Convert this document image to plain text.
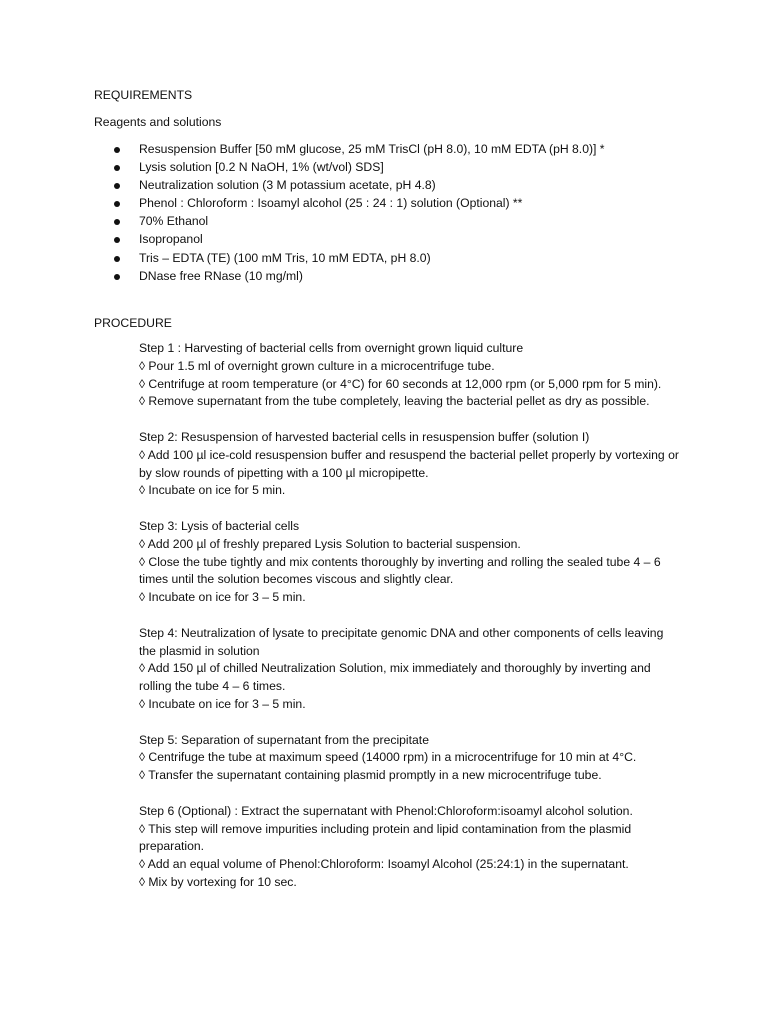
REQUIREMENTS
Reagents and solutions
Resuspension Buffer [50 mM glucose, 25 mM TrisCl (pH 8.0), 10 mM EDTA (pH 8.0)] *
Lysis solution [0.2 N NaOH, 1% (wt/vol) SDS]
Neutralization solution (3 M potassium acetate, pH 4.8)
Phenol : Chloroform : Isoamyl alcohol (25 : 24 : 1) solution (Optional) **
70% Ethanol
Isopropanol
Tris – EDTA (TE) (100 mM Tris, 10 mM EDTA, pH 8.0)
DNase free RNase (10 mg/ml)
PROCEDURE

Step 1 : Harvesting of bacterial cells from overnight grown liquid culture

◊ Pour 1.5 ml of overnight grown culture in a microcentrifuge tube.

◊ Centrifuge at room temperature (or 4°C) for 60 seconds at 12,000 rpm (or 5,000 rpm for 5 min).

◊ Remove supernatant from the tube completely, leaving the bacterial pellet as dry as possible.

Step 2: Resuspension of harvested bacterial cells in resuspension buffer (solution I)

◊ Add 100 µl ice-cold resuspension buffer and resuspend the bacterial pellet properly by vortexing or by slow rounds of pipetting with a 100 µl micropipette.

◊ Incubate on ice for 5 min.

Step 3: Lysis of bacterial cells

◊ Add 200 µl of freshly prepared Lysis Solution to bacterial suspension.

◊ Close the tube tightly and mix contents thoroughly by inverting and rolling the sealed tube 4 – 6 times until the solution becomes viscous and slightly clear.

◊ Incubate on ice for 3 – 5 min.

Step 4: Neutralization of lysate to precipitate genomic DNA and other components of cells leaving the plasmid in solution

◊ Add 150 µl of chilled Neutralization Solution, mix immediately and thoroughly by inverting and rolling the tube 4 – 6 times.

◊ Incubate on ice for 3 – 5 min.

Step 5: Separation of supernatant from the precipitate

◊ Centrifuge the tube at maximum speed (14000 rpm) in a microcentrifuge for 10 min at 4°C.

◊ Transfer the supernatant containing plasmid promptly in a new microcentrifuge tube.

Step 6 (Optional) : Extract the supernatant with Phenol:Chloroform:isoamyl alcohol solution.

◊ This step will remove impurities including protein and lipid contamination from the plasmid preparation.

◊ Add an equal volume of Phenol:Chloroform: Isoamyl Alcohol (25:24:1) in the supernatant.

◊ Mix by vortexing for 10 sec.
